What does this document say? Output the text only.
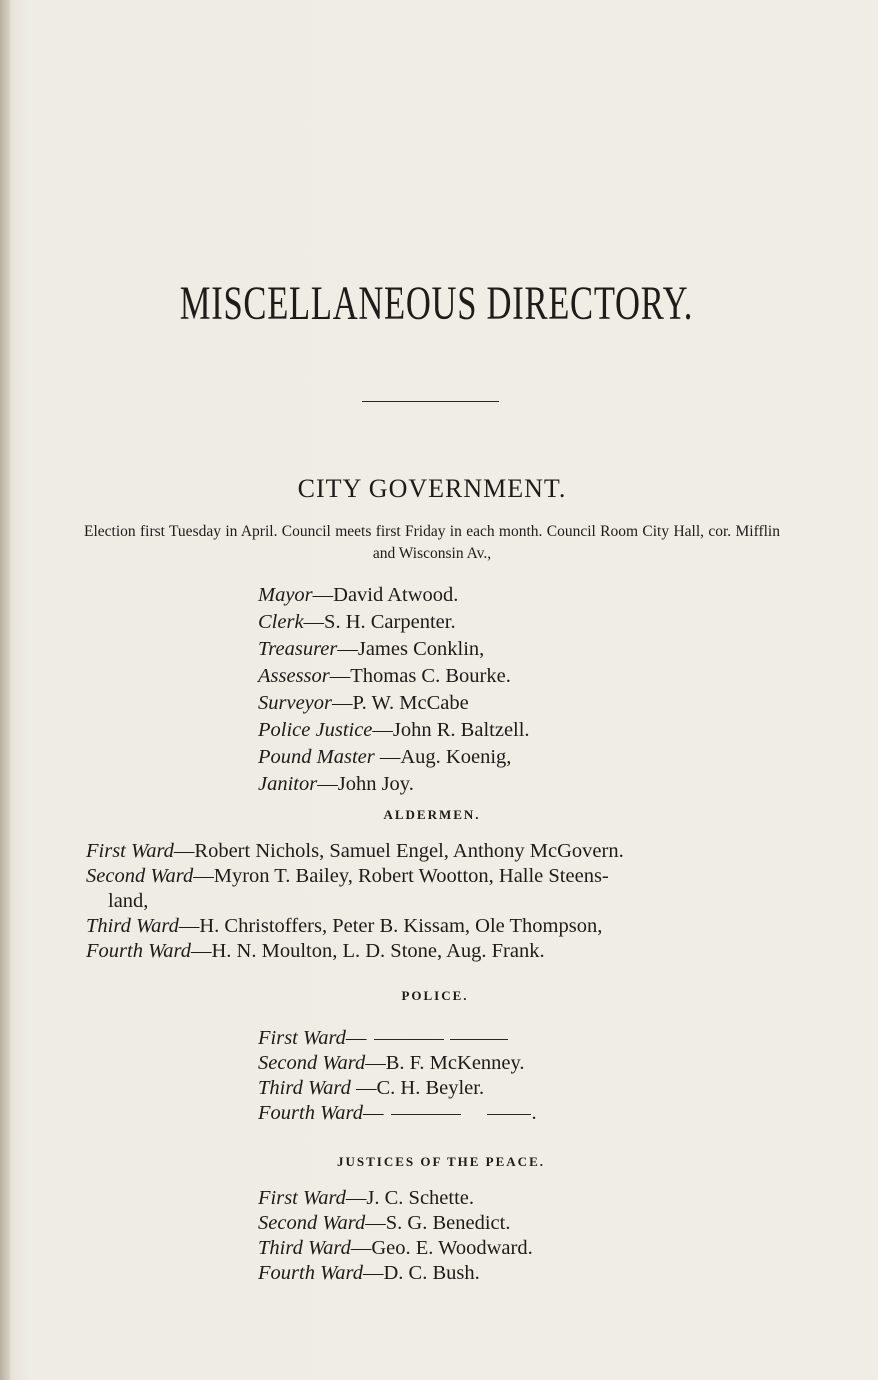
MISCELLANEOUS DIRECTORY.
CITY GOVERNMENT.
Election first Tuesday in April. Council meets first Friday in each month. Council Room City Hall, cor. Mifflin and Wisconsin Av.,
Mayor—David Atwood.
Clerk—S. H. Carpenter.
Treasurer—James Conklin,
Assessor—Thomas C. Bourke.
Surveyor—P. W. McCabe
Police Justice—John R. Baltzell.
Pound Master —Aug. Koenig,
Janitor—John Joy.
ALDERMEN.
First Ward—Robert Nichols, Samuel Engel, Anthony McGovern.
Second Ward—Myron T. Bailey, Robert Wootton, Halle Steens-
land,
Third Ward—H. Christoffers, Peter B. Kissam, Ole Thompson,
Fourth Ward—H. N. Moulton, L. D. Stone, Aug. Frank.
POLICE.
First Ward—
Second Ward—B. F. McKenney.
Third Ward —C. H. Beyler.
Fourth Ward—	.
JUSTICES OF THE PEACE.
First Ward—J. C. Schette.
Second Ward—S. G. Benedict.
Third Ward—Geo. E. Woodward.
Fourth Ward—D. C. Bush.
